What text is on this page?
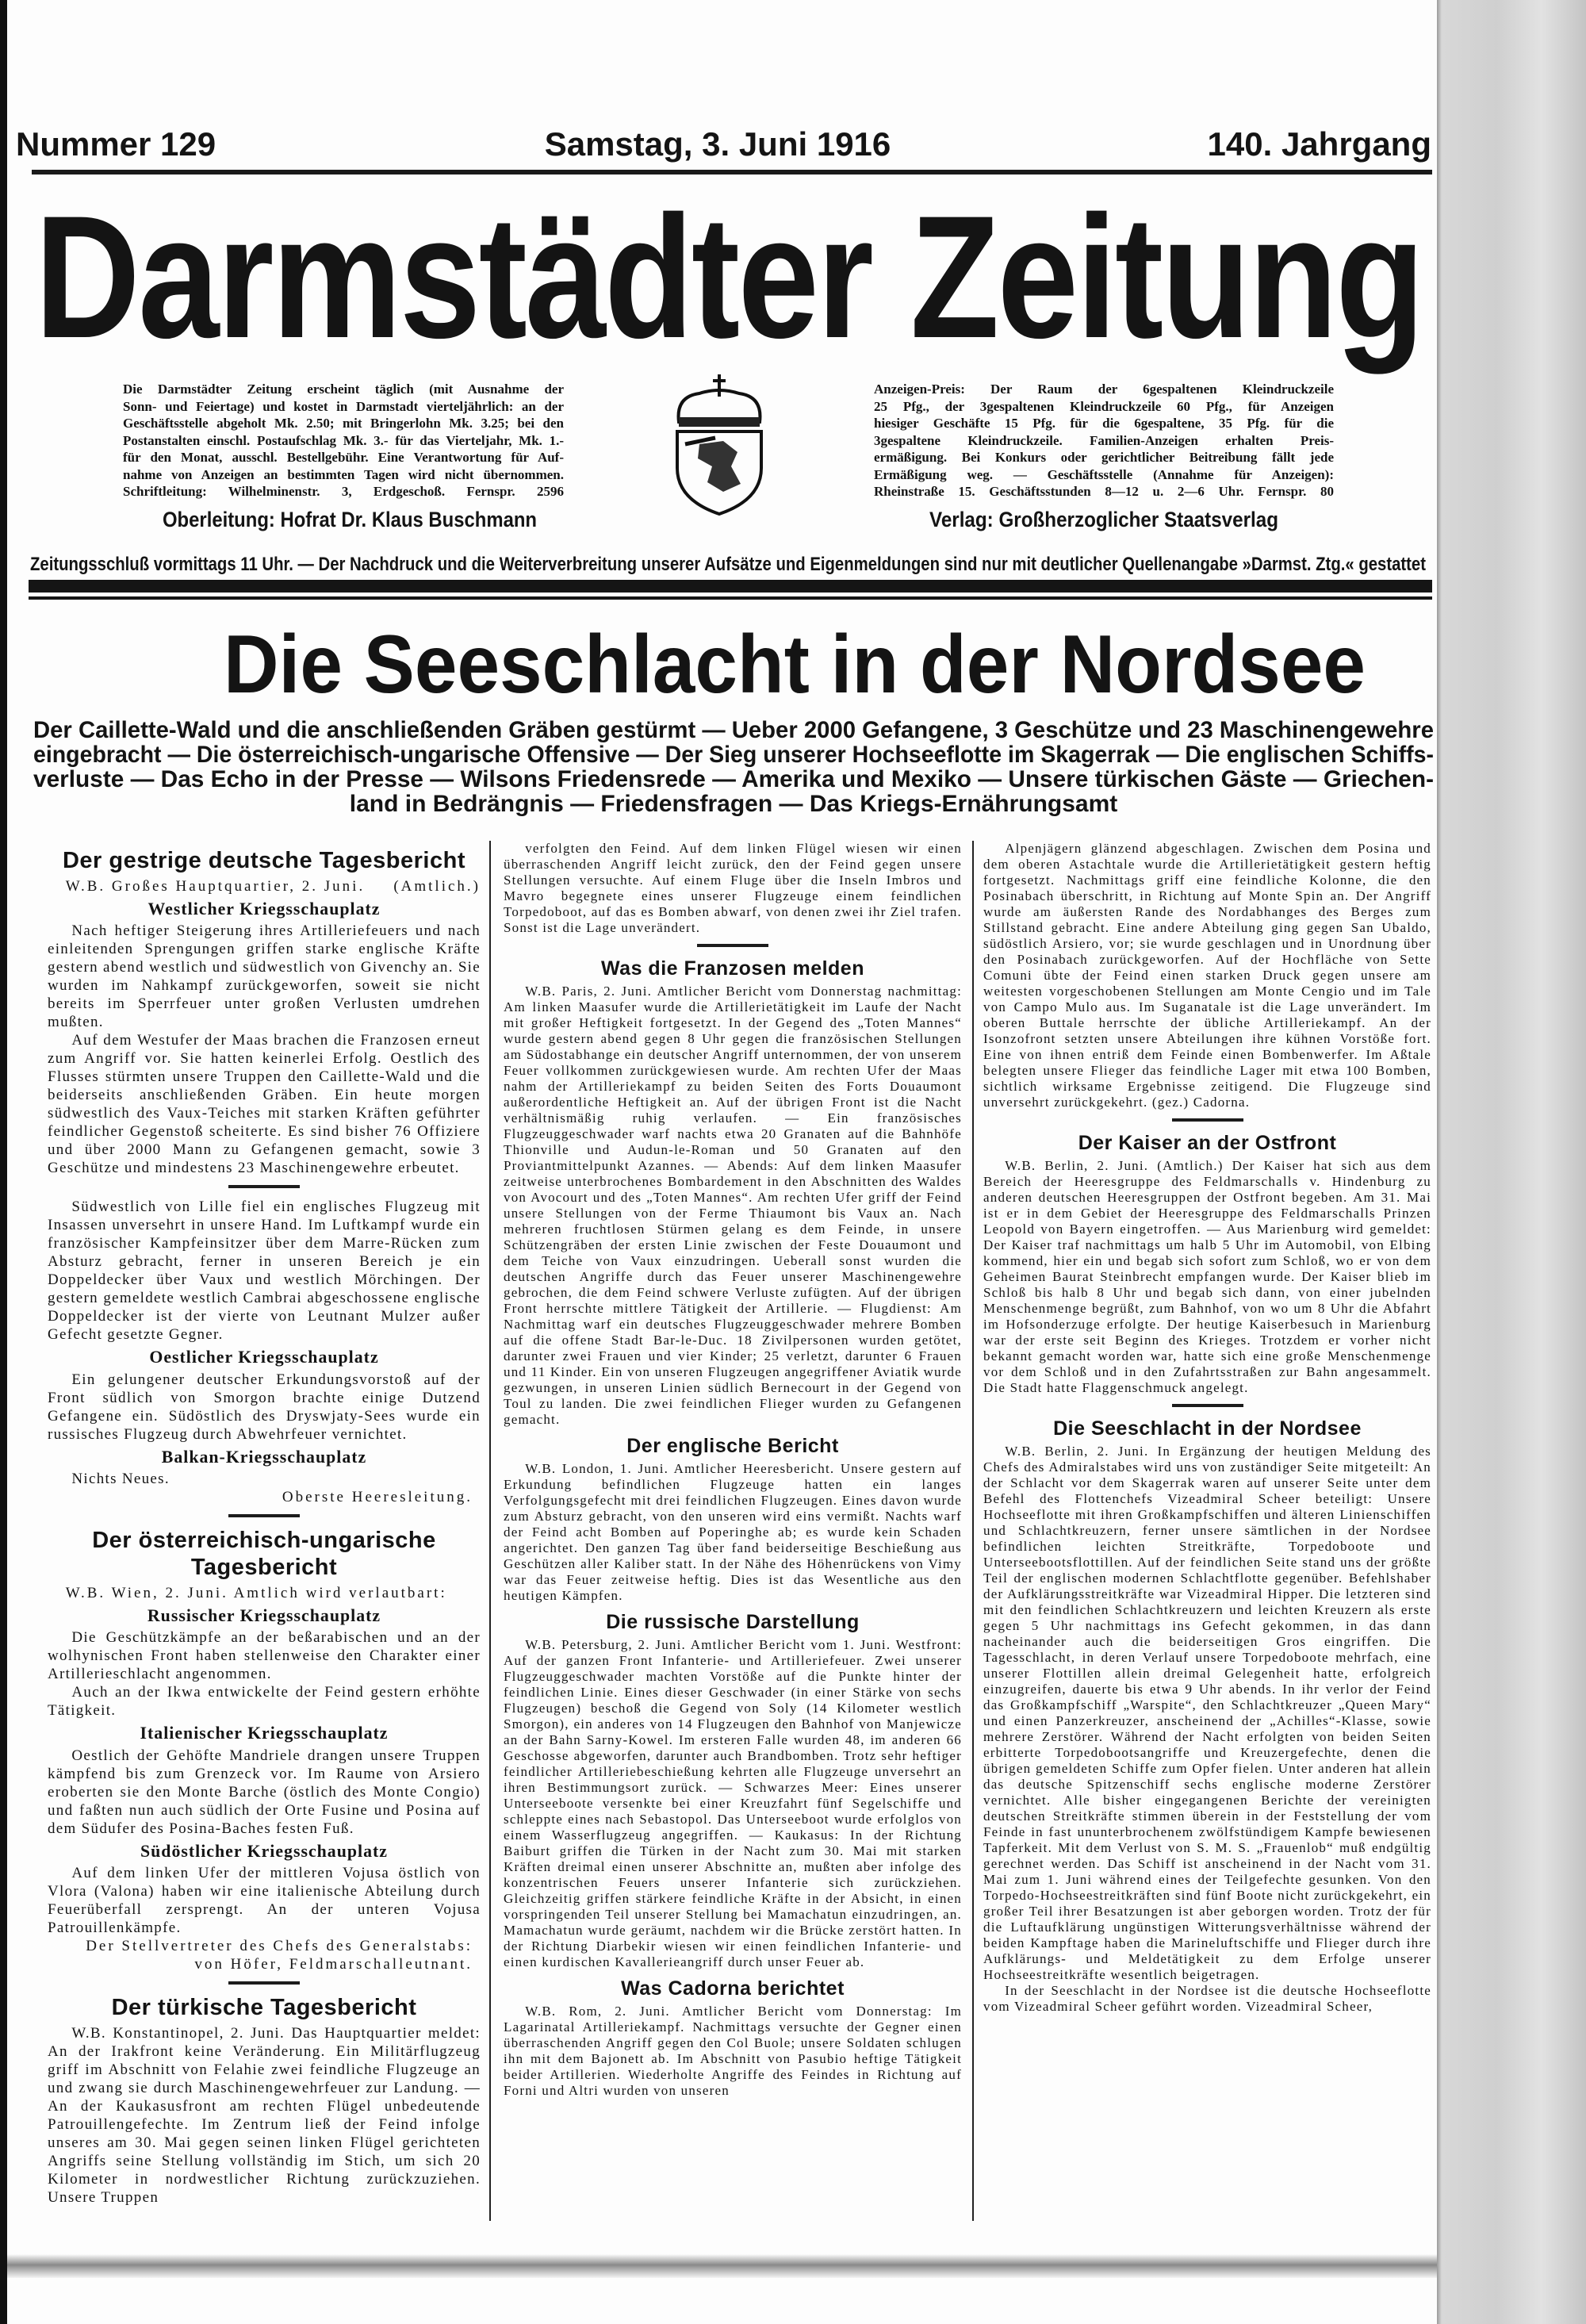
Nummer 129	Samstag, 3. Juni 1916	140. Jahrgang
Darmstädter Zeitung
Die Darmstädter Zeitung erscheint täglich (mit Ausnahme der
Sonn- und Feiertage) und kostet in Darmstadt vierteljährlich: an der
Geschäftsstelle abgeholt Mk. 2.50; mit Bringerlohn Mk. 3.25; bei den
Postanstalten einschl. Postaufschlag Mk. 3.- für das Vierteljahr, Mk. 1.-
für den Monat, ausschl. Bestellgebühr. Eine Verantwortung für Auf-
nahme von Anzeigen an bestimmten Tagen wird nicht übernommen.
Schriftleitung: Wilhelminenstr. 3, Erdgeschoß. Fernspr. 2596
Oberleitung: Hofrat Dr. Klaus Buschmann
Anzeigen-Preis: Der Raum der 6gespaltenen Kleindruckzeile
25 Pfg., der 3gespaltenen Kleindruckzeile 60 Pfg., für Anzeigen
hiesiger Geschäfte 15 Pfg. für die 6gespaltene, 35 Pfg. für die
3gespaltene Kleindruckzeile. Familien-Anzeigen erhalten Preis-
ermäßigung. Bei Konkurs oder gerichtlicher Beitreibung fällt jede
Ermäßigung weg. — Geschäftsstelle (Annahme für Anzeigen):
Rheinstraße 15. Geschäftsstunden 8—12 u. 2—6 Uhr. Fernspr. 80
Verlag: Großherzoglicher Staatsverlag
Zeitungsschluß vormittags 11 Uhr. — Der Nachdruck und die Weiterverbreitung unserer Aufsätze und Eigenmeldungen sind nur mit deutlicher Quellenangabe »Darmst. Ztg.« gestattet
Die Seeschlacht in der Nordsee
Der Caillette-Wald und die anschließenden Gräben gestürmt — Ueber 2000 Gefangene, 3 Geschütze und 23 Maschinengewehre
eingebracht — Die österreichisch-ungarische Offensive — Der Sieg unserer Hochseeflotte im Skagerrak — Die englischen Schiffs-
verluste — Das Echo in der Presse — Wilsons Friedensrede — Amerika und Mexiko — Unsere türkischen Gäste — Griechen-
land in Bedrängnis — Friedensfragen — Das Kriegs-Ernährungsamt
Der gestrige deutsche Tagesbericht
W.B. Großes Hauptquartier, 2. Juni. (Amtlich.)
Westlicher Kriegsschauplatz

Nach heftiger Steigerung ihres Artilleriefeuers und nach einleitenden Sprengungen griffen starke englische Kräfte gestern abend westlich und südwestlich von Givenchy an. Sie wurden im Nahkampf zurückgeworfen, soweit sie nicht bereits im Sperrfeuer unter großen Verlusten umdrehen mußten.

Auf dem Westufer der Maas brachen die Franzosen erneut zum Angriff vor. Sie hatten keinerlei Erfolg. Oestlich des Flusses stürmten unsere Truppen den Caillette-Wald und die beiderseits anschließenden Gräben. Ein heute morgen südwestlich des Vaux-Teiches mit starken Kräften geführter feindlicher Gegenstoß scheiterte. Es sind bisher 76 Offiziere und über 2000 Mann zu Gefangenen gemacht, sowie 3 Geschütze und mindestens 23 Maschinengewehre erbeutet.

Südwestlich von Lille fiel ein englisches Flugzeug mit Insassen unversehrt in unsere Hand. Im Luftkampf wurde ein französischer Kampfeinsitzer über dem Marre-Rücken zum Absturz gebracht, ferner in unseren Bereich je ein Doppeldecker über Vaux und westlich Mörchingen. Der gestern gemeldete westlich Cambrai abgeschossene englische Doppeldecker ist der vierte von Leutnant Mulzer außer Gefecht gesetzte Gegner.

Oestlicher Kriegsschauplatz

Ein gelungener deutscher Erkundungsvorstoß auf der Front südlich von Smorgon brachte einige Dutzend Gefangene ein. Südöstlich des Dryswjaty-Sees wurde ein russisches Flugzeug durch Abwehrfeuer vernichtet.

Balkan-Kriegsschauplatz

Nichts Neues.

Oberste Heeresleitung.
Der österreichisch-ungarische Tagesbericht
W.B. Wien, 2. Juni. Amtlich wird verlautbart:
Russischer Kriegsschauplatz

Die Geschützkämpfe an der beßarabischen und an der wolhynischen Front haben stellenweise den Charakter einer Artillerieschlacht angenommen.

Auch an der Ikwa entwickelte der Feind gestern erhöhte Tätigkeit.

Italienischer Kriegsschauplatz

Oestlich der Gehöfte Mandriele drangen unsere Truppen kämpfend bis zum Grenzeck vor. Im Raume von Arsiero eroberten sie den Monte Barche (östlich des Monte Congio) und faßten nun auch südlich der Orte Fusine und Posina auf dem Südufer des Posina-Baches festen Fuß.

Südöstlicher Kriegsschauplatz

Auf dem linken Ufer der mittleren Vojusa östlich von Vlora (Valona) haben wir eine italienische Abteilung durch Feuerüberfall zersprengt. An der unteren Vojusa Patrouillenkämpfe.

Der Stellvertreter des Chefs des Generalstabs:
von Höfer, Feldmarschalleutnant.
Der türkische Tagesbericht

W.B. Konstantinopel, 2. Juni. Das Hauptquartier meldet: An der Irakfront keine Veränderung. Ein Militärflugzeug griff im Abschnitt von Felahie zwei feindliche Flugzeuge an und zwang sie durch Maschinengewehrfeuer zur Landung. — An der Kaukasusfront am rechten Flügel unbedeutende Patrouillengefechte. Im Zentrum ließ der Feind infolge unseres am 30. Mai gegen seinen linken Flügel gerichteten Angriffs seine Stellung vollständig im Stich, um sich 20 Kilometer in nordwestlicher Richtung zurückzuziehen. Unsere Truppen

verfolgten den Feind. Auf dem linken Flügel wiesen wir einen überraschenden Angriff leicht zurück, den der Feind gegen unsere Stellungen versuchte. Auf einem Fluge über die Inseln Imbros und Mavro begegnete eines unserer Flugzeuge einem feindlichen Torpedoboot, auf das es Bomben abwarf, von denen zwei ihr Ziel trafen. Sonst ist die Lage unverändert.

Was die Franzosen melden

W.B. Paris, 2. Juni. Amtlicher Bericht vom Donnerstag nachmittag: Am linken Maasufer wurde die Artillerietätigkeit im Laufe der Nacht mit großer Heftigkeit fortgesetzt. In der Gegend des „Toten Mannes“ wurde gestern abend gegen 8 Uhr gegen die französischen Stellungen am Südostabhange ein deutscher Angriff unternommen, der von unserem Feuer vollkommen zurückgewiesen wurde. Am rechten Ufer der Maas nahm der Artilleriekampf zu beiden Seiten des Forts Douaumont außerordentliche Heftigkeit an. Auf der übrigen Front ist die Nacht verhältnismäßig ruhig verlaufen. — Ein französisches Flugzeuggeschwader warf nachts etwa 20 Granaten auf die Bahnhöfe Thionville und Audun-le-Roman und 50 Granaten auf den Proviantmittelpunkt Azannes. — Abends: Auf dem linken Maasufer zeitweise unterbrochenes Bombardement in den Abschnitten des Waldes von Avocourt und des „Toten Mannes“. Am rechten Ufer griff der Feind unsere Stellungen von der Ferme Thiaumont bis Vaux an. Nach mehreren fruchtlosen Stürmen gelang es dem Feinde, in unsere Schützengräben der ersten Linie zwischen der Feste Douaumont und dem Teiche von Vaux einzudringen. Ueberall sonst wurden die deutschen Angriffe durch das Feuer unserer Maschinengewehre gebrochen, die dem Feind schwere Verluste zufügten. Auf der übrigen Front herrschte mittlere Tätigkeit der Artillerie. — Flugdienst: Am Nachmittag warf ein deutsches Flugzeuggeschwader mehrere Bomben auf die offene Stadt Bar-le-Duc. 18 Zivilpersonen wurden getötet, darunter zwei Frauen und vier Kinder; 25 verletzt, darunter 6 Frauen und 11 Kinder. Ein von unseren Flugzeugen angegriffener Aviatik wurde gezwungen, in unseren Linien südlich Bernecourt in der Gegend von Toul zu landen. Die zwei feindlichen Flieger wurden zu Gefangenen gemacht.

Der englische Bericht

W.B. London, 1. Juni. Amtlicher Heeresbericht. Unsere gestern auf Erkundung befindlichen Flugzeuge hatten ein langes Verfolgungsgefecht mit drei feindlichen Flugzeugen. Eines davon wurde zum Absturz gebracht, von den unseren wird eins vermißt. Nachts warf der Feind acht Bomben auf Poperinghe ab; es wurde kein Schaden angerichtet. Den ganzen Tag über fand beiderseitige Beschießung aus Geschützen aller Kaliber statt. In der Nähe des Höhenrückens von Vimy war das Feuer zeitweise heftig. Dies ist das Wesentliche aus den heutigen Kämpfen.

Die russische Darstellung

W.B. Petersburg, 2. Juni. Amtlicher Bericht vom 1. Juni. Westfront: Auf der ganzen Front Infanterie- und Artilleriefeuer. Zwei unserer Flugzeuggeschwader machten Vorstöße auf die Punkte hinter der feindlichen Linie. Eines dieser Geschwader (in einer Stärke von sechs Flugzeugen) beschoß die Gegend von Soly (14 Kilometer westlich Smorgon), ein anderes von 14 Flugzeugen den Bahnhof von Manjewicze an der Bahn Sarny-Kowel. Im ersteren Falle wurden 48, im anderen 66 Geschosse abgeworfen, darunter auch Brandbomben. Trotz sehr heftiger feindlicher Artilleriebeschießung kehrten alle Flugzeuge unversehrt an ihren Bestimmungsort zurück. — Schwarzes Meer: Eines unserer Unterseeboote versenkte bei einer Kreuzfahrt fünf Segelschiffe und schleppte eines nach Sebastopol. Das Unterseeboot wurde erfolglos von einem Wasserflugzeug angegriffen. — Kaukasus: In der Richtung Baiburt griffen die Türken in der Nacht zum 30. Mai mit starken Kräften dreimal einen unserer Abschnitte an, mußten aber infolge des konzentrischen Feuers unserer Infanterie sich zurückziehen. Gleichzeitig griffen stärkere feindliche Kräfte in der Absicht, in einen vorspringenden Teil unserer Stellung bei Mamachatun einzudringen, an. Mamachatun wurde geräumt, nachdem wir die Brücke zerstört hatten. In der Richtung Diarbekir wiesen wir einen feindlichen Infanterie- und einen kurdischen Kavallerieangriff durch unser Feuer ab.

Was Cadorna berichtet

W.B. Rom, 2. Juni. Amtlicher Bericht vom Donnerstag: Im Lagarinatal Artilleriekampf. Nachmittags versuchte der Gegner einen überraschenden Angriff gegen den Col Buole; unsere Soldaten schlugen ihn mit dem Bajonett ab. Im Abschnitt von Pasubio heftige Tätigkeit beider Artillerien. Wiederholte Angriffe des Feindes in Richtung auf Forni und Altri wurden von unseren

Alpenjägern glänzend abgeschlagen. Zwischen dem Posina und dem oberen Astachtale wurde die Artillerietätigkeit gestern heftig fortgesetzt. Nachmittags griff eine feindliche Kolonne, die den Posinabach überschritt, in Richtung auf Monte Spin an. Der Angriff wurde am äußersten Rande des Nordabhanges des Berges zum Stillstand gebracht. Eine andere Abteilung ging gegen San Ubaldo, südöstlich Arsiero, vor; sie wurde geschlagen und in Unordnung über den Posinabach zurückgeworfen. Auf der Hochfläche von Sette Comuni übte der Feind einen starken Druck gegen unsere am weitesten vorgeschobenen Stellungen am Monte Cengio und im Tale von Campo Mulo aus. Im Suganatale ist die Lage unverändert. Im oberen Buttale herrschte der übliche Artilleriekampf. An der Isonzofront setzten unsere Abteilungen ihre kühnen Vorstöße fort. Eine von ihnen entriß dem Feinde einen Bombenwerfer. Im Aßtale belegten unsere Flieger das feindliche Lager mit etwa 100 Bomben, sichtlich wirksame Ergebnisse zeitigend. Die Flugzeuge sind unversehrt zurückgekehrt. (gez.) Cadorna.

Der Kaiser an der Ostfront

W.B. Berlin, 2. Juni. (Amtlich.) Der Kaiser hat sich aus dem Bereich der Heeresgruppe des Feldmarschalls v. Hindenburg zu anderen deutschen Heeresgruppen der Ostfront begeben. Am 31. Mai ist er in dem Gebiet der Heeresgruppe des Feldmarschalls Prinzen Leopold von Bayern eingetroffen. — Aus Marienburg wird gemeldet: Der Kaiser traf nachmittags um halb 5 Uhr im Automobil, von Elbing kommend, hier ein und begab sich sofort zum Schloß, wo er von dem Geheimen Baurat Steinbrecht empfangen wurde. Der Kaiser blieb im Schloß bis halb 8 Uhr und begab sich dann, von einer jubelnden Menschenmenge begrüßt, zum Bahnhof, von wo um 8 Uhr die Abfahrt im Hofsonderzuge erfolgte. Der heutige Kaiserbesuch in Marienburg war der erste seit Beginn des Krieges. Trotzdem er vorher nicht bekannt gemacht worden war, hatte sich eine große Menschenmenge vor dem Schloß und in den Zufahrtsstraßen zur Bahn angesammelt. Die Stadt hatte Flaggenschmuck angelegt.

Die Seeschlacht in der Nordsee

W.B. Berlin, 2. Juni. In Ergänzung der heutigen Meldung des Chefs des Admiralstabes wird uns von zuständiger Seite mitgeteilt: An der Schlacht vor dem Skagerrak waren auf unserer Seite unter dem Befehl des Flottenchefs Vizeadmiral Scheer beteiligt: Unsere Hochseeflotte mit ihren Großkampfschiffen und älteren Linienschiffen und Schlachtkreuzern, ferner unsere sämtlichen in der Nordsee befindlichen leichten Streitkräfte, Torpedoboote und Unterseebootsflottillen. Auf der feindlichen Seite stand uns der größte Teil der englischen modernen Schlachtflotte gegenüber. Befehlshaber der Aufklärungsstreitkräfte war Vizeadmiral Hipper. Die letzteren sind mit den feindlichen Schlachtkreuzern und leichten Kreuzern als erste gegen 5 Uhr nachmittags ins Gefecht gekommen, in das dann nacheinander auch die beiderseitigen Gros eingriffen. Die Tagesschlacht, in deren Verlauf unsere Torpedoboote mehrfach, eine unserer Flottillen allein dreimal Gelegenheit hatte, erfolgreich einzugreifen, dauerte bis etwa 9 Uhr abends. In ihr verlor der Feind das Großkampfschiff „Warspite“, den Schlachtkreuzer „Queen Mary“ und einen Panzerkreuzer, anscheinend der „Achilles“-Klasse, sowie mehrere Zerstörer. Während der Nacht erfolgten von beiden Seiten erbitterte Torpedobootsangriffe und Kreuzergefechte, denen die übrigen gemeldeten Schiffe zum Opfer fielen. Unter anderen hat allein das deutsche Spitzenschiff sechs englische moderne Zerstörer vernichtet. Alle bisher eingegangenen Berichte der vereinigten deutschen Streitkräfte stimmen überein in der Feststellung der vom Feinde in fast ununterbrochenem zwölfstündigem Kampfe bewiesenen Tapferkeit. Mit dem Verlust von S. M. S. „Frauenlob“ muß endgültig gerechnet werden. Das Schiff ist anscheinend in der Nacht vom 31. Mai zum 1. Juni während eines der Teilgefechte gesunken. Von den Torpedo-Hochseestreitkräften sind fünf Boote nicht zurückgekehrt, ein großer Teil ihrer Besatzungen ist aber geborgen worden. Trotz der für die Luftaufklärung ungünstigen Witterungsverhältnisse während der beiden Kampftage haben die Marineluftschiffe und Flieger durch ihre Aufklärungs- und Meldetätigkeit zu dem Erfolge unserer Hochseestreitkräfte wesentlich beigetragen.

In der Seeschlacht in der Nordsee ist die deutsche Hochseeflotte vom Vizeadmiral Scheer geführt worden. Vizeadmiral Scheer,
